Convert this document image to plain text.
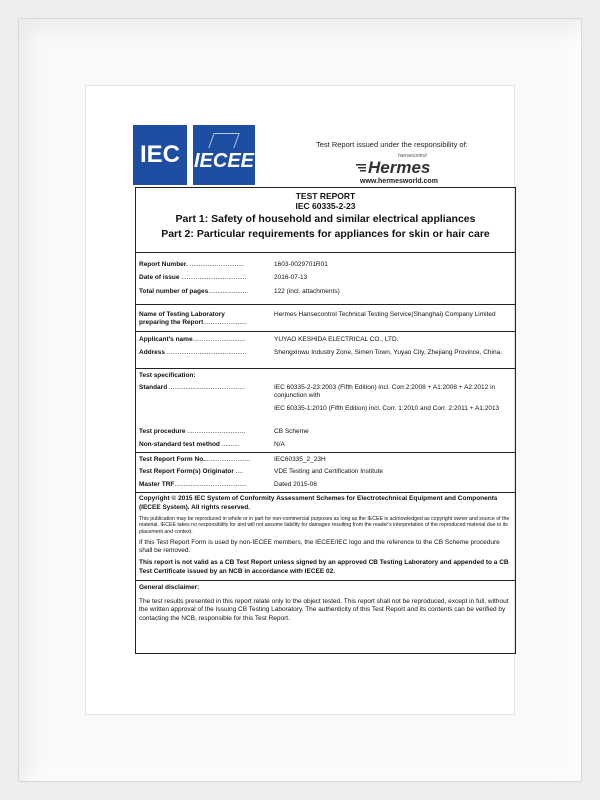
IEC IECEE
Test Report issued under the responsibility of:
hansecontrol
Hermes
www.hermesworld.com
TEST REPORT
IEC 60335-2-23
Part 1: Safety of household and similar electrical appliances
Part 2: Particular requirements for appliances for skin or hair care
Report Number. ..............................	1603-0029701R01
Date of issue ....................................	2016-07-13
Total number of pages......................	122 (incl. attachments)
Name of Testing Laboratory
preparing the Report........................
Hermes Hansecontrol Technical Testing Service(Shanghai) Company Limited
Applicant's name.............................	YUYAO KESHIDA ELECTRICAL CO., LTD.
Address ............................................	Shengxinwu Industry Zone, Simen Town, Yuyao City, Zhejiang Province, China.
Test specification:
Standard ..........................................	IEC 60335-2-23:2003 (Fifth Edition) incl. Corr.2:2008 + A1:2008 + A2:2012 in conjunction with
IEC 60335-1:2010 (Fifth Edition) incl. Corr. 1:2010 and Corr. 2:2011 + A1:2013
Test procedure ................................	CB Scheme
Non-standard test method ..........	N/A
Test Report Form No..........................	IEC60335_2_23H
Test Report Form(s) Originator ....	VDE Testing and Certification Institute
Master TRF........................................	Dated 2015-06
Copyright © 2015 IEC System of Conformity Assessment Schemes for Electrotechnical Equipment and Components (IECEE System). All rights reserved.
This publication may be reproduced in whole or in part for non-commercial purposes as long as the IECEE is acknowledged as copyright owner and source of the material. IECEE takes no responsibility for and will not assume liability for damages resulting from the reader's interpretation of the reproduced material due to its placement and context.
If this Test Report Form is used by non-IECEE members, the IECEE/IEC logo and the reference to the CB Scheme procedure shall be removed.
This report is not valid as a CB Test Report unless signed by an approved CB Testing Laboratory and appended to a CB Test Certificate issued by an NCB in accordance with IECEE 02.
General disclaimer:
The test results presented in this report relate only to the object tested. This report shall not be reproduced, except in full, without the written approval of the Issuing CB Testing Laboratory. The authenticity of this Test Report and its contents can be verified by contacting the NCB, responsible for this Test Report.
